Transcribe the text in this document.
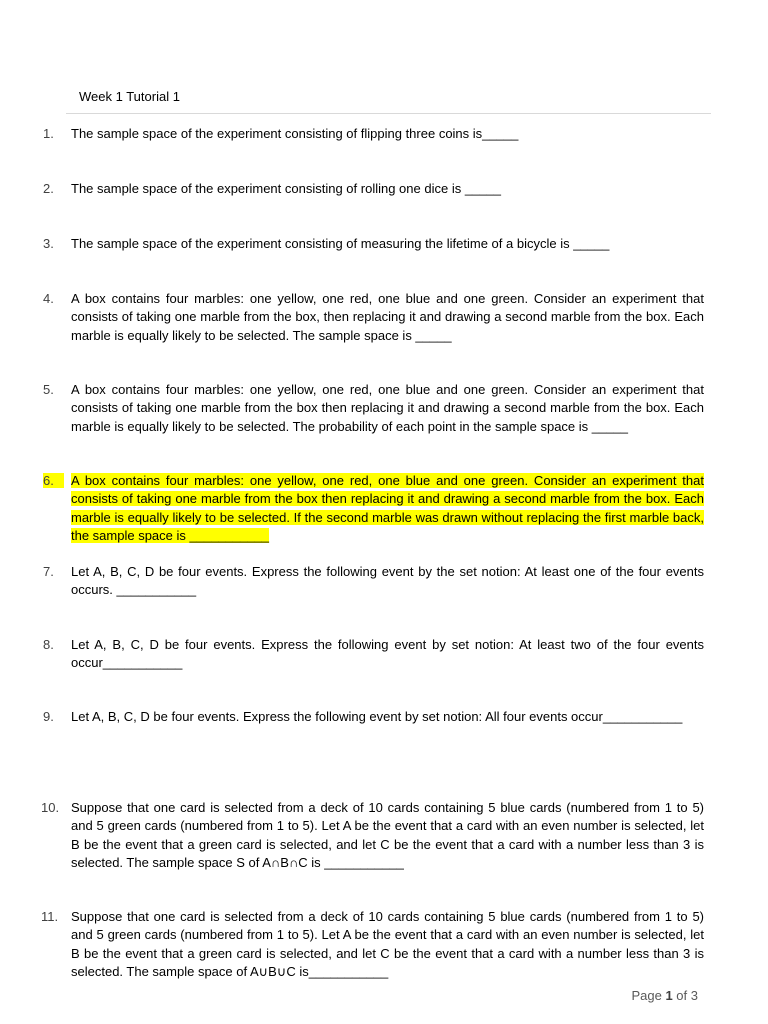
Week 1 Tutorial 1
1.	The sample space of the experiment consisting of flipping three coins is_____
2.	The sample space of the experiment consisting of rolling one dice is _____
3.	The sample space of the experiment consisting of measuring the lifetime of a bicycle is _____
4.	A box contains four marbles: one yellow, one red, one blue and one green. Consider an experiment that consists of taking one marble from the box, then replacing it and drawing a second marble from the box. Each marble is equally likely to be selected. The sample space is _____
5.	A box contains four marbles: one yellow, one red, one blue and one green. Consider an experiment that consists of taking one marble from the box then replacing it and drawing a second marble from the box. Each marble is equally likely to be selected. The probability of each point in the sample space is _____
6.	A box contains four marbles: one yellow, one red, one blue and one green. Consider an experiment that consists of taking one marble from the box then replacing it and drawing a second marble from the box. Each marble is equally likely to be selected. If the second marble was drawn without replacing the first marble back, the sample space is ___________
7.	Let A, B, C, D be four events. Express the following event by the set notion: At least one of the four events occurs. ___________
8.	Let A, B, C, D be four events. Express the following event by set notion: At least two of the four events occur___________
9.	Let A, B, C, D be four events. Express the following event by set notion: All four events occur___________
10. Suppose that one card is selected from a deck of 10 cards containing 5 blue cards (numbered from 1 to 5) and 5 green cards (numbered from 1 to 5). Let A be the event that a card with an even number is selected, let B be the event that a green card is selected, and let C be the event that a card with a number less than 3 is selected. The sample space S of A∩B∩C is ___________
11. Suppose that one card is selected from a deck of 10 cards containing 5 blue cards (numbered from 1 to 5) and 5 green cards (numbered from 1 to 5). Let A be the event that a card with an even number is selected, let B be the event that a green card is selected, and let C be the event that a card with a number less than 3 is selected. The sample space of A∪B∪C is___________
Page 1 of 3
